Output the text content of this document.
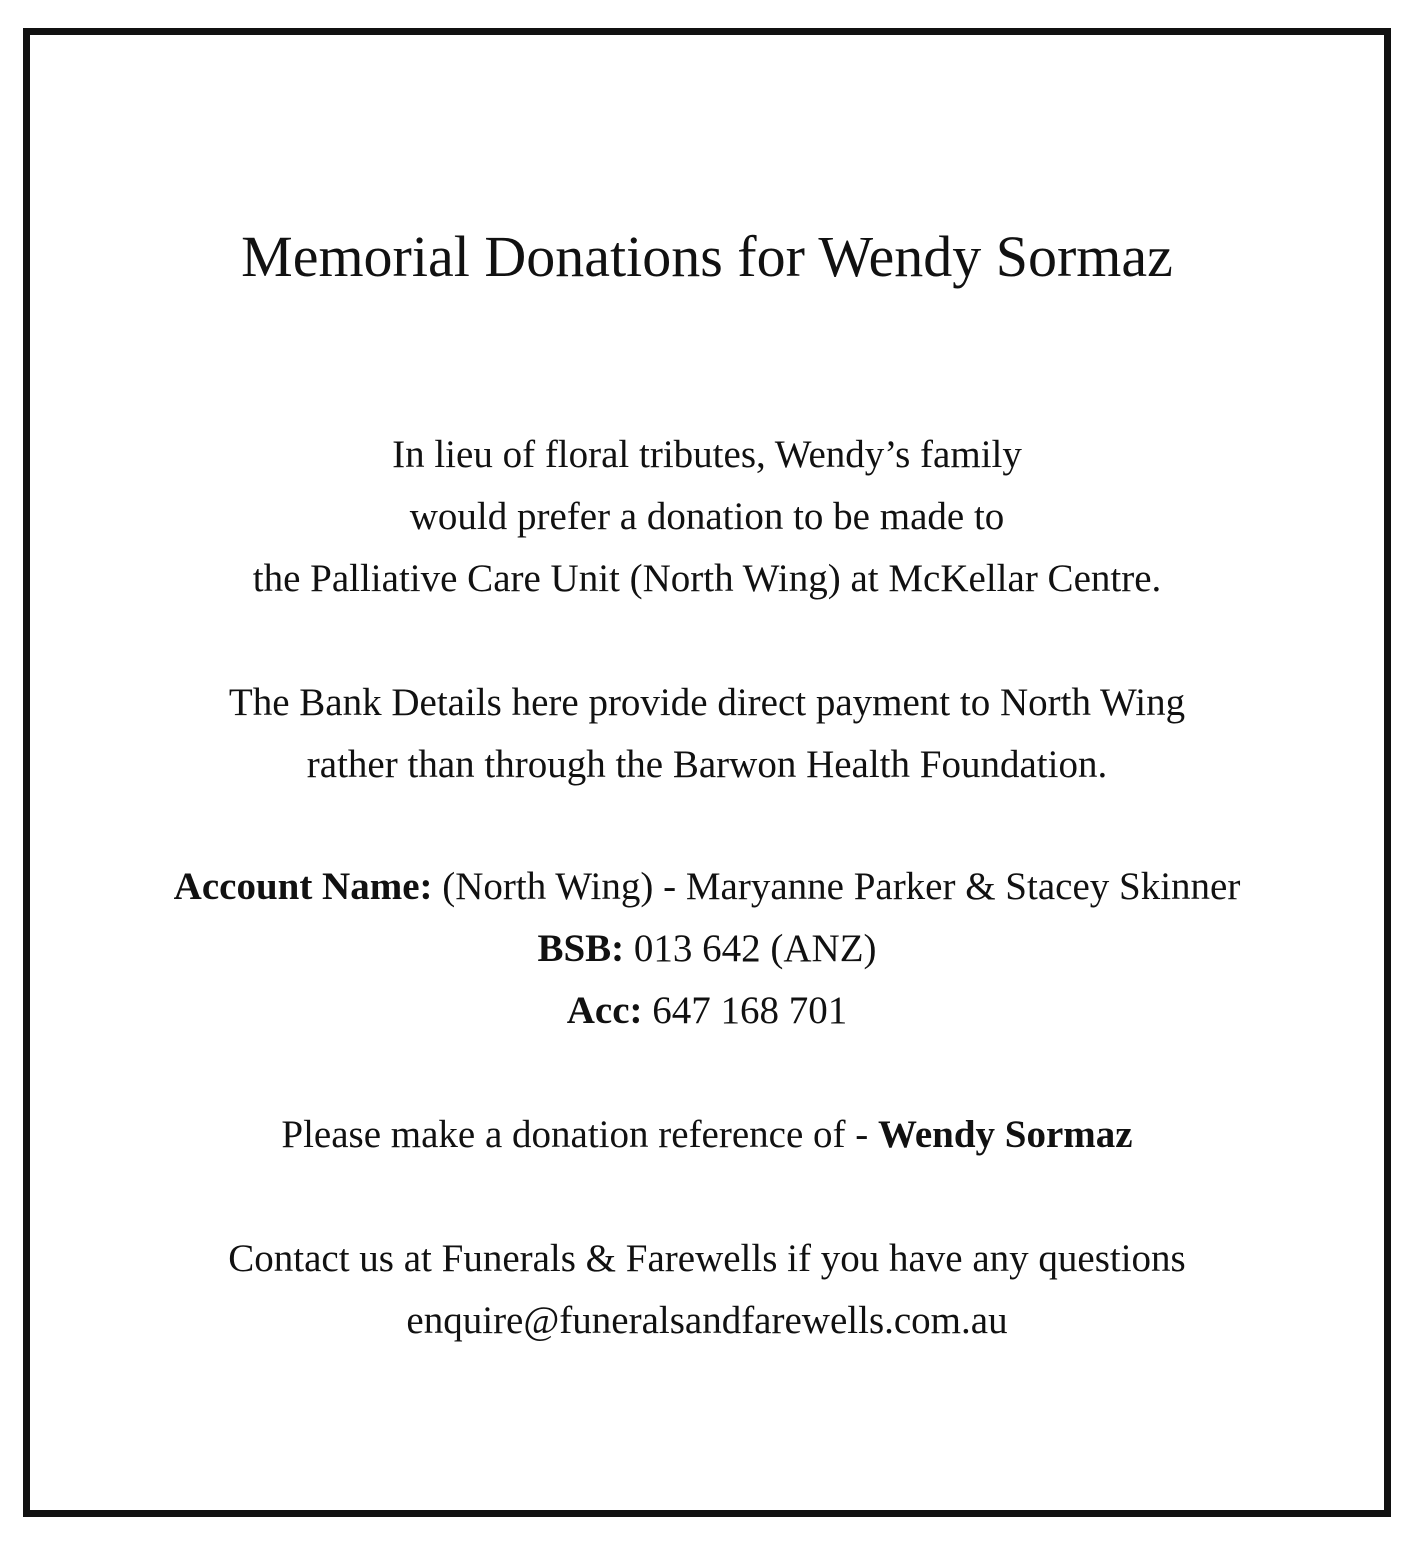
Memorial Donations for Wendy Sormaz
In lieu of floral tributes, Wendy’s family
would prefer a donation to be made to
the Palliative Care Unit (North Wing) at McKellar Centre.
The Bank Details here provide direct payment to North Wing
rather than through the Barwon Health Foundation.
Account Name: (North Wing) - Maryanne Parker & Stacey Skinner
BSB: 013 642 (ANZ)
Acc: 647 168 701
Please make a donation reference of - Wendy Sormaz
Contact us at Funerals & Farewells if you have any questions
enquire@funeralsandfarewells.com.au
